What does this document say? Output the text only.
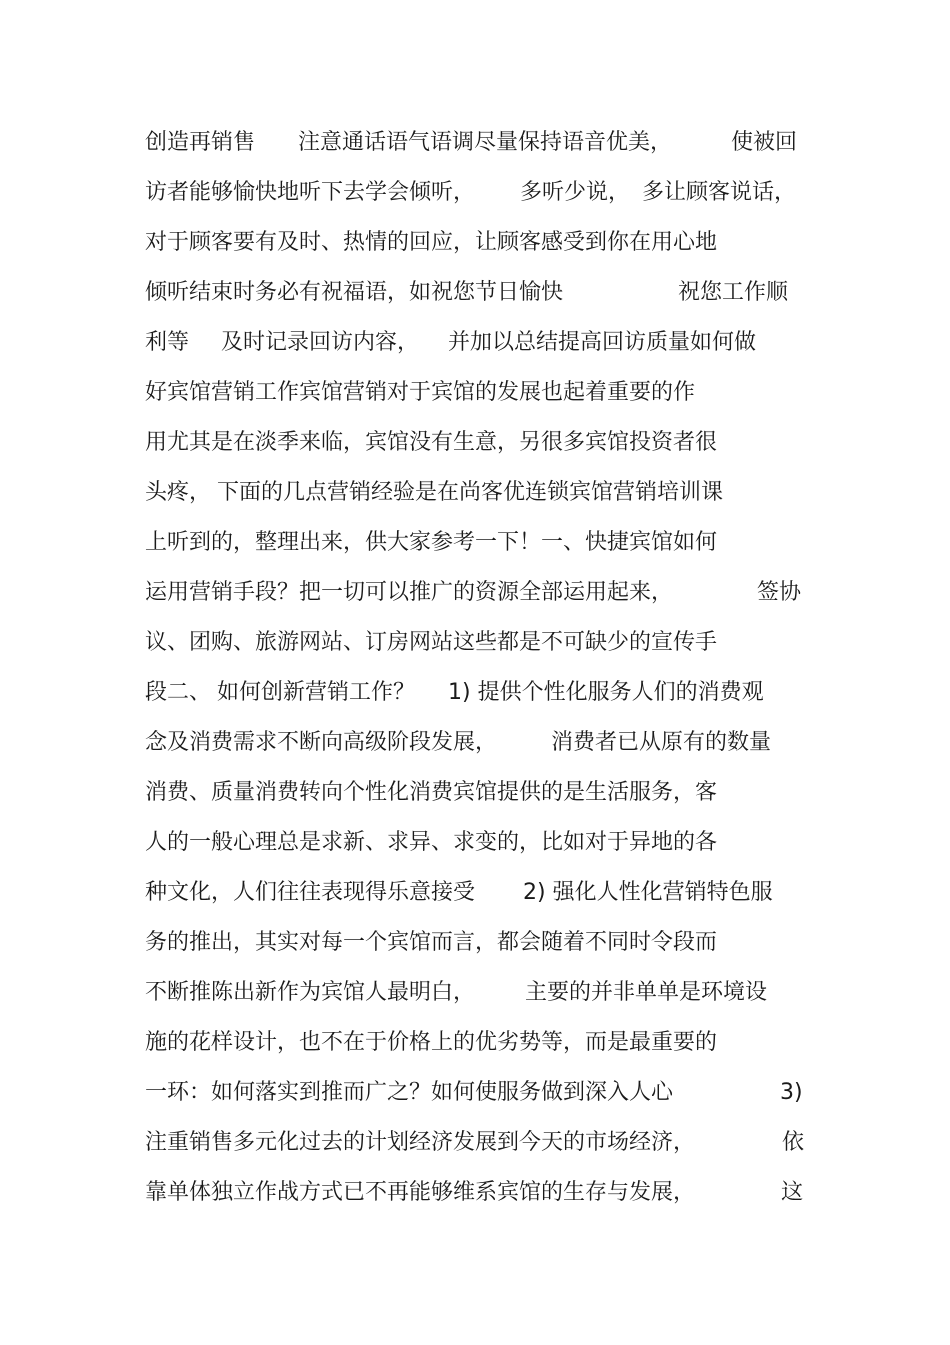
创造再销售 注意通话语气语调尽量保持语音优美，	使被回
访者能够愉快地听下去学会倾听， 多听少说， 多让顾客说话，
对于顾客要有及时、热情的回应，让顾客感受到你在用心地
倾听结束时务必有祝福语，如祝您节日愉快	祝您工作顺
利等 及时记录回访内容， 并加以总结提高回访质量如何做
好宾馆营销工作宾馆营销对于宾馆的发展也起着重要的作
用尤其是在淡季来临，宾馆没有生意，另很多宾馆投资者很
头疼， 下面的几点营销经验是在尚客优连锁宾馆营销培训课
上听到的，整理出来，供大家参考一下！一、快捷宾馆如何
运用营销手段？把一切可以推广的资源全部运用起来，	签协
议、团购、旅游网站、订房网站这些都是不可缺少的宣传手
段二、 如何创新营销工作？ 1) 提供个性化服务人们的消费观
念及消费需求不断向高级阶段发展， 消费者已从原有的数量
消费、质量消费转向个性化消费宾馆提供的是生活服务，客
人的一般心理总是求新、求异、求变的，比如对于异地的各
种文化，人们往往表现得乐意接受 2) 强化人性化营销特色服
务的推出，其实对每一个宾馆而言，都会随着不同时令段而
不断推陈出新作为宾馆人最明白， 主要的并非单单是环境设
施的花样设计，也不在于价格上的优劣势等，而是最重要的
一环：如何落实到推而广之？如何使服务做到深入人心	3)
注重销售多元化过去的计划经济发展到今天的市场经济，	依
靠单体独立作战方式已不再能够维系宾馆的生存与发展，	这
